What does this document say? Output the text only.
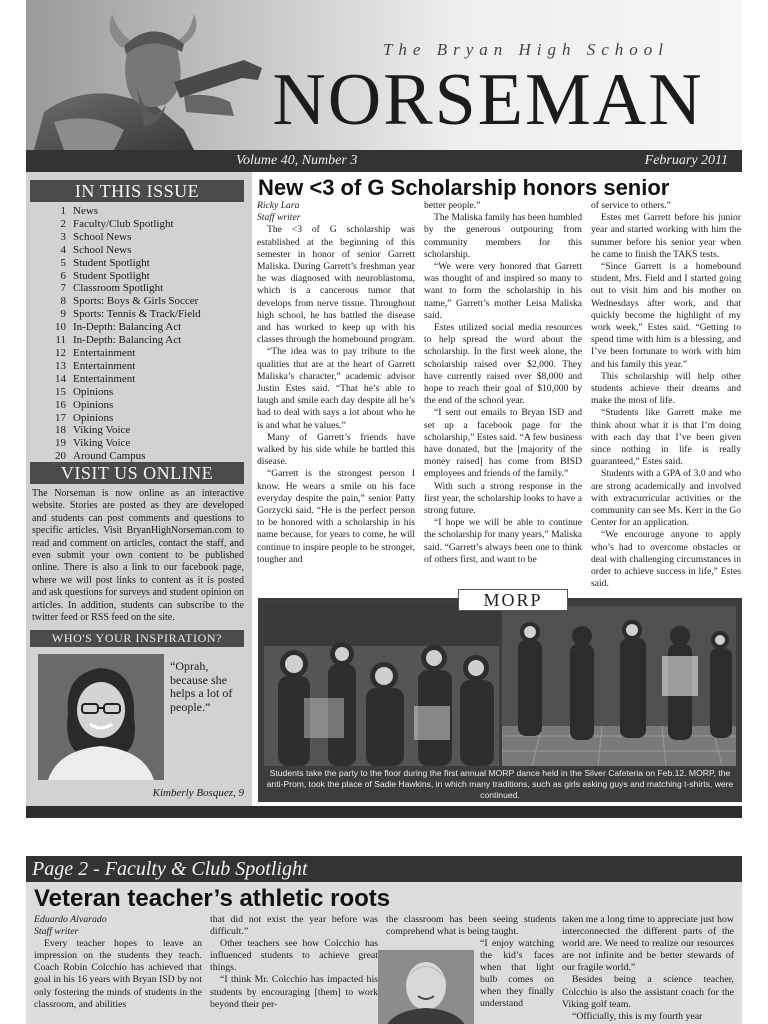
The Bryan High School
NORSEMAN
Volume 40, Number 3	February 2011
IN THIS ISSUE
1 News
2 Faculty/Club Spotlight
3 School News
4 School News
5 Student Spotlight
6 Student Spotlight
7 Classroom Spotlight
8 Sports: Boys & Girls Soccer
9 Sports: Tennis & Track/Field
10 In-Depth: Balancing Act
11 In-Depth: Balancing Act
12 Entertainment
13 Entertainment
14 Entertainment
15 Opinions
16 Opinions
17 Opinions
18 Viking Voice
19 Viking Voice
20 Around Campus
VISIT US ONLINE
The Norseman is now online as an interactive website. Stories are posted as they are developed and students can post comments and questions to specific articles. Visit BryanHighNorseman.com to read and comment on articles, contact the staff, and even submit your own content to be published online. There is also a link to our facebook page, where we will post links to content as it is posted and ask questions for surveys and student opinion on articles. In addition, students can subscribe to the twitter feed or RSS feed on the site.
WHO'S YOUR INSPIRATION?
“Oprah, because she helps a lot of people.”
Kimberly Bosquez, 9
New <3 of G Scholarship honors senior

Ricky Lara

Staff writer

The <3 of G scholarship was established at the beginning of this semester in honor of senior Garrett Maliska. During Garrett’s freshman year he was diagnosed with neuroblastoma, which is a cancerous tumor that develops from nerve tissue. Throughout high school, he has battled the disease and has worked to keep up with his classes through the homebound program.

“The idea was to pay tribute to the qualities that are at the heart of Garrett Maliska’s character,” academic advisor Justin Estes said. “That he’s able to laugh and smile each day despite all he’s had to deal with says a lot about who he is and what he values.”

Many of Garrett’s friends have walked by his side while he battled this disease.

“Garrett is the strongest person I know. He wears a smile on his face everyday despite the pain,” senior Patty Gorzycki said. “He is the perfect person to be honored with a scholarship in his name because, for years to come, he will continue to inspire people to be stronger, tougher and

better people.”

The Maliska family has been humbled by the generous outpouring from community members for this scholarship.

“We were very honored that Garrett was thought of and inspired so many to want to form the scholarship in his name,” Garrett’s mother Leisa Maliska said.

Estes utilized social media resources to help spread the word about the scholarship. In the first week alone, the scholarship raised over $2,000. They have currently raised over $8,000 and hope to reach their goal of $10,000 by the end of the school year.

“I sent out emails to Bryan ISD and set up a facebook page for the scholarship,” Estes said. “A few business have donated, but the [majority of the money raised] has come from BISD employees and friends of the family.”

With such a strong response in the first year, the scholarship looks to have a strong future.

“I hope we will be able to continue the scholarship for many years,” Maliska said. “Garrett’s always been one to think of others first, and want to be

of service to others.”

Estes met Garrett before his junior year and started working with him the summer before his senior year when he came to finish the TAKS tests.

“Since Garrett is a homebound student, Mrs. Field and I started going out to visit him and his mother on Wednesdays after work, and that quickly become the highlight of my work week,” Estes said. “Getting to spend time with him is a blessing, and I’ve been fortunate to work with him and his family this year.”

This scholarship will help other students achieve their dreams and make the most of life.

“Students like Garrett make me think about what it is that I’m doing with each day that I’ve been given since nothing in life is really guaranteed,” Estes said.

Students with a GPA of 3.0 and who are strong academically and involved with extracurricular activities or the community can see Ms. Kerr in the Go Center for an application.

“We encourage anyone to apply who’s had to overcome obstacles or deal with challenging circumstances in order to achieve success in life,” Estes said.

MORP
Students take the party to the floor during the first annual MORP dance held in the Silver Cafeteria on Feb.12. MORP, the anti-Prom, took the place of Sadie Hawkins, in which many traditions, such as girls asking guys and matching t-shirts, were continued.
Page 2 - Faculty & Club Spotlight
Veteran teacher’s athletic roots

Eduardo Alvarado

Staff writer

Every teacher hopes to leave an impression on the students they teach. Coach Robin Colcchio has achieved that goal in his 16 years with Bryan ISD by not only fostering the minds of students in the classroom, and abilities

that did not exist the year before was difficult.”

Other teachers see how Colcchio has influenced students to achieve great things.

“I think Mr. Colcchio has impacted his students by encouraging [them] to work beyond their per-

the classroom has been seeing students comprehend what is being taught.

“I enjoy watching the kid’s faces when that light bulb comes on when they finally understand

taken me a long time to appreciate just how interconnected the different parts of the world are. We need to realize our resources are not infinite and be better stewards of our fragile world.”

Besides being a science teacher, Colcchio is also the assistant coach for the Viking golf team.

“Officially, this is my fourth year
